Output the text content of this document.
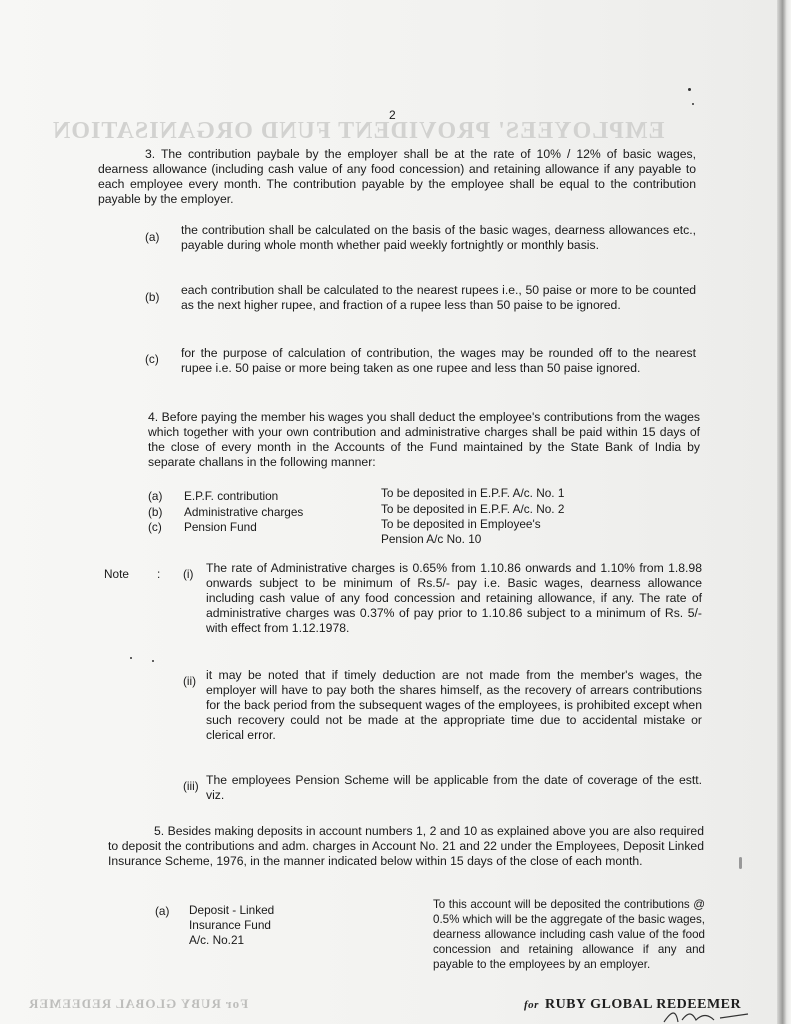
EMPLOYEES' PROVIDENT FUND ORGANISATION
For RUBY GLOBAL REDEEMER
2
3. The contribution paybale by the employer shall be at the rate of 10% / 12% of basic wages, dearness allowance (including cash value of any food concession) and retaining allowance if any payable to each employee every month. The contribution payable by the employee shall be equal to the contribution payable by the employer.
(a) the contribution shall be calculated on the basis of the basic wages, dearness allowances etc., payable during whole month whether paid weekly fortnightly or monthly basis.
(b) each contribution shall be calculated to the nearest rupees i.e., 50 paise or more to be counted as the next higher rupee, and fraction of a rupee less than 50 paise to be ignored.
(c) for the purpose of calculation of contribution, the wages may be rounded off to the nearest rupee i.e. 50 paise or more being taken as one rupee and less than 50 paise ignored.
4. Before paying the member his wages you shall deduct the employee's contributions from the wages which together with your own contribution and administrative charges shall be paid within 15 days of the close of every month in the Accounts of the Fund maintained by the State Bank of India by separate challans in the following manner:
(a) E.P.F. contribution	To be deposited in E.P.F. A/c. No. 1
(b) Administrative charges	To be deposited in E.P.F. A/c. No. 2
(c) Pension Fund	To be deposited in Employee's
Pension A/c No. 10
Note : (i) The rate of Administrative charges is 0.65% from 1.10.86 onwards and 1.10% from 1.8.98 onwards subject to be minimum of Rs.5/- pay i.e. Basic wages, dearness allowance including cash value of any food concession and retaining allowance, if any. The rate of administrative charges was 0.37% of pay prior to 1.10.86 subject to a minimum of Rs. 5/- with effect from 1.12.1978.
(ii) it may be noted that if timely deduction are not made from the member's wages, the employer will have to pay both the shares himself, as the recovery of arrears contributions for the back period from the subsequent wages of the employees, is prohibited except when such recovery could not be made at the appropriate time due to accidental mistake or clerical error.
(iii) The employees Pension Scheme will be applicable from the date of coverage of the estt. viz.
5. Besides making deposits in account numbers 1, 2 and 10 as explained above you are also required to deposit the contributions and adm. charges in Account No. 21 and 22 under the Employees, Deposit Linked Insurance Scheme, 1976, in the manner indicated below within 15 days of the close of each month.
(a) Deposit - Linked
Insurance Fund
A/c. No.21
To this account will be deposited the contributions @ 0.5% which will be the aggregate of the basic wages, dearness allowance including cash value of the food concession and retaining allowance if any and payable to the employees by an employer.
for RUBY GLOBAL REDEEMER
